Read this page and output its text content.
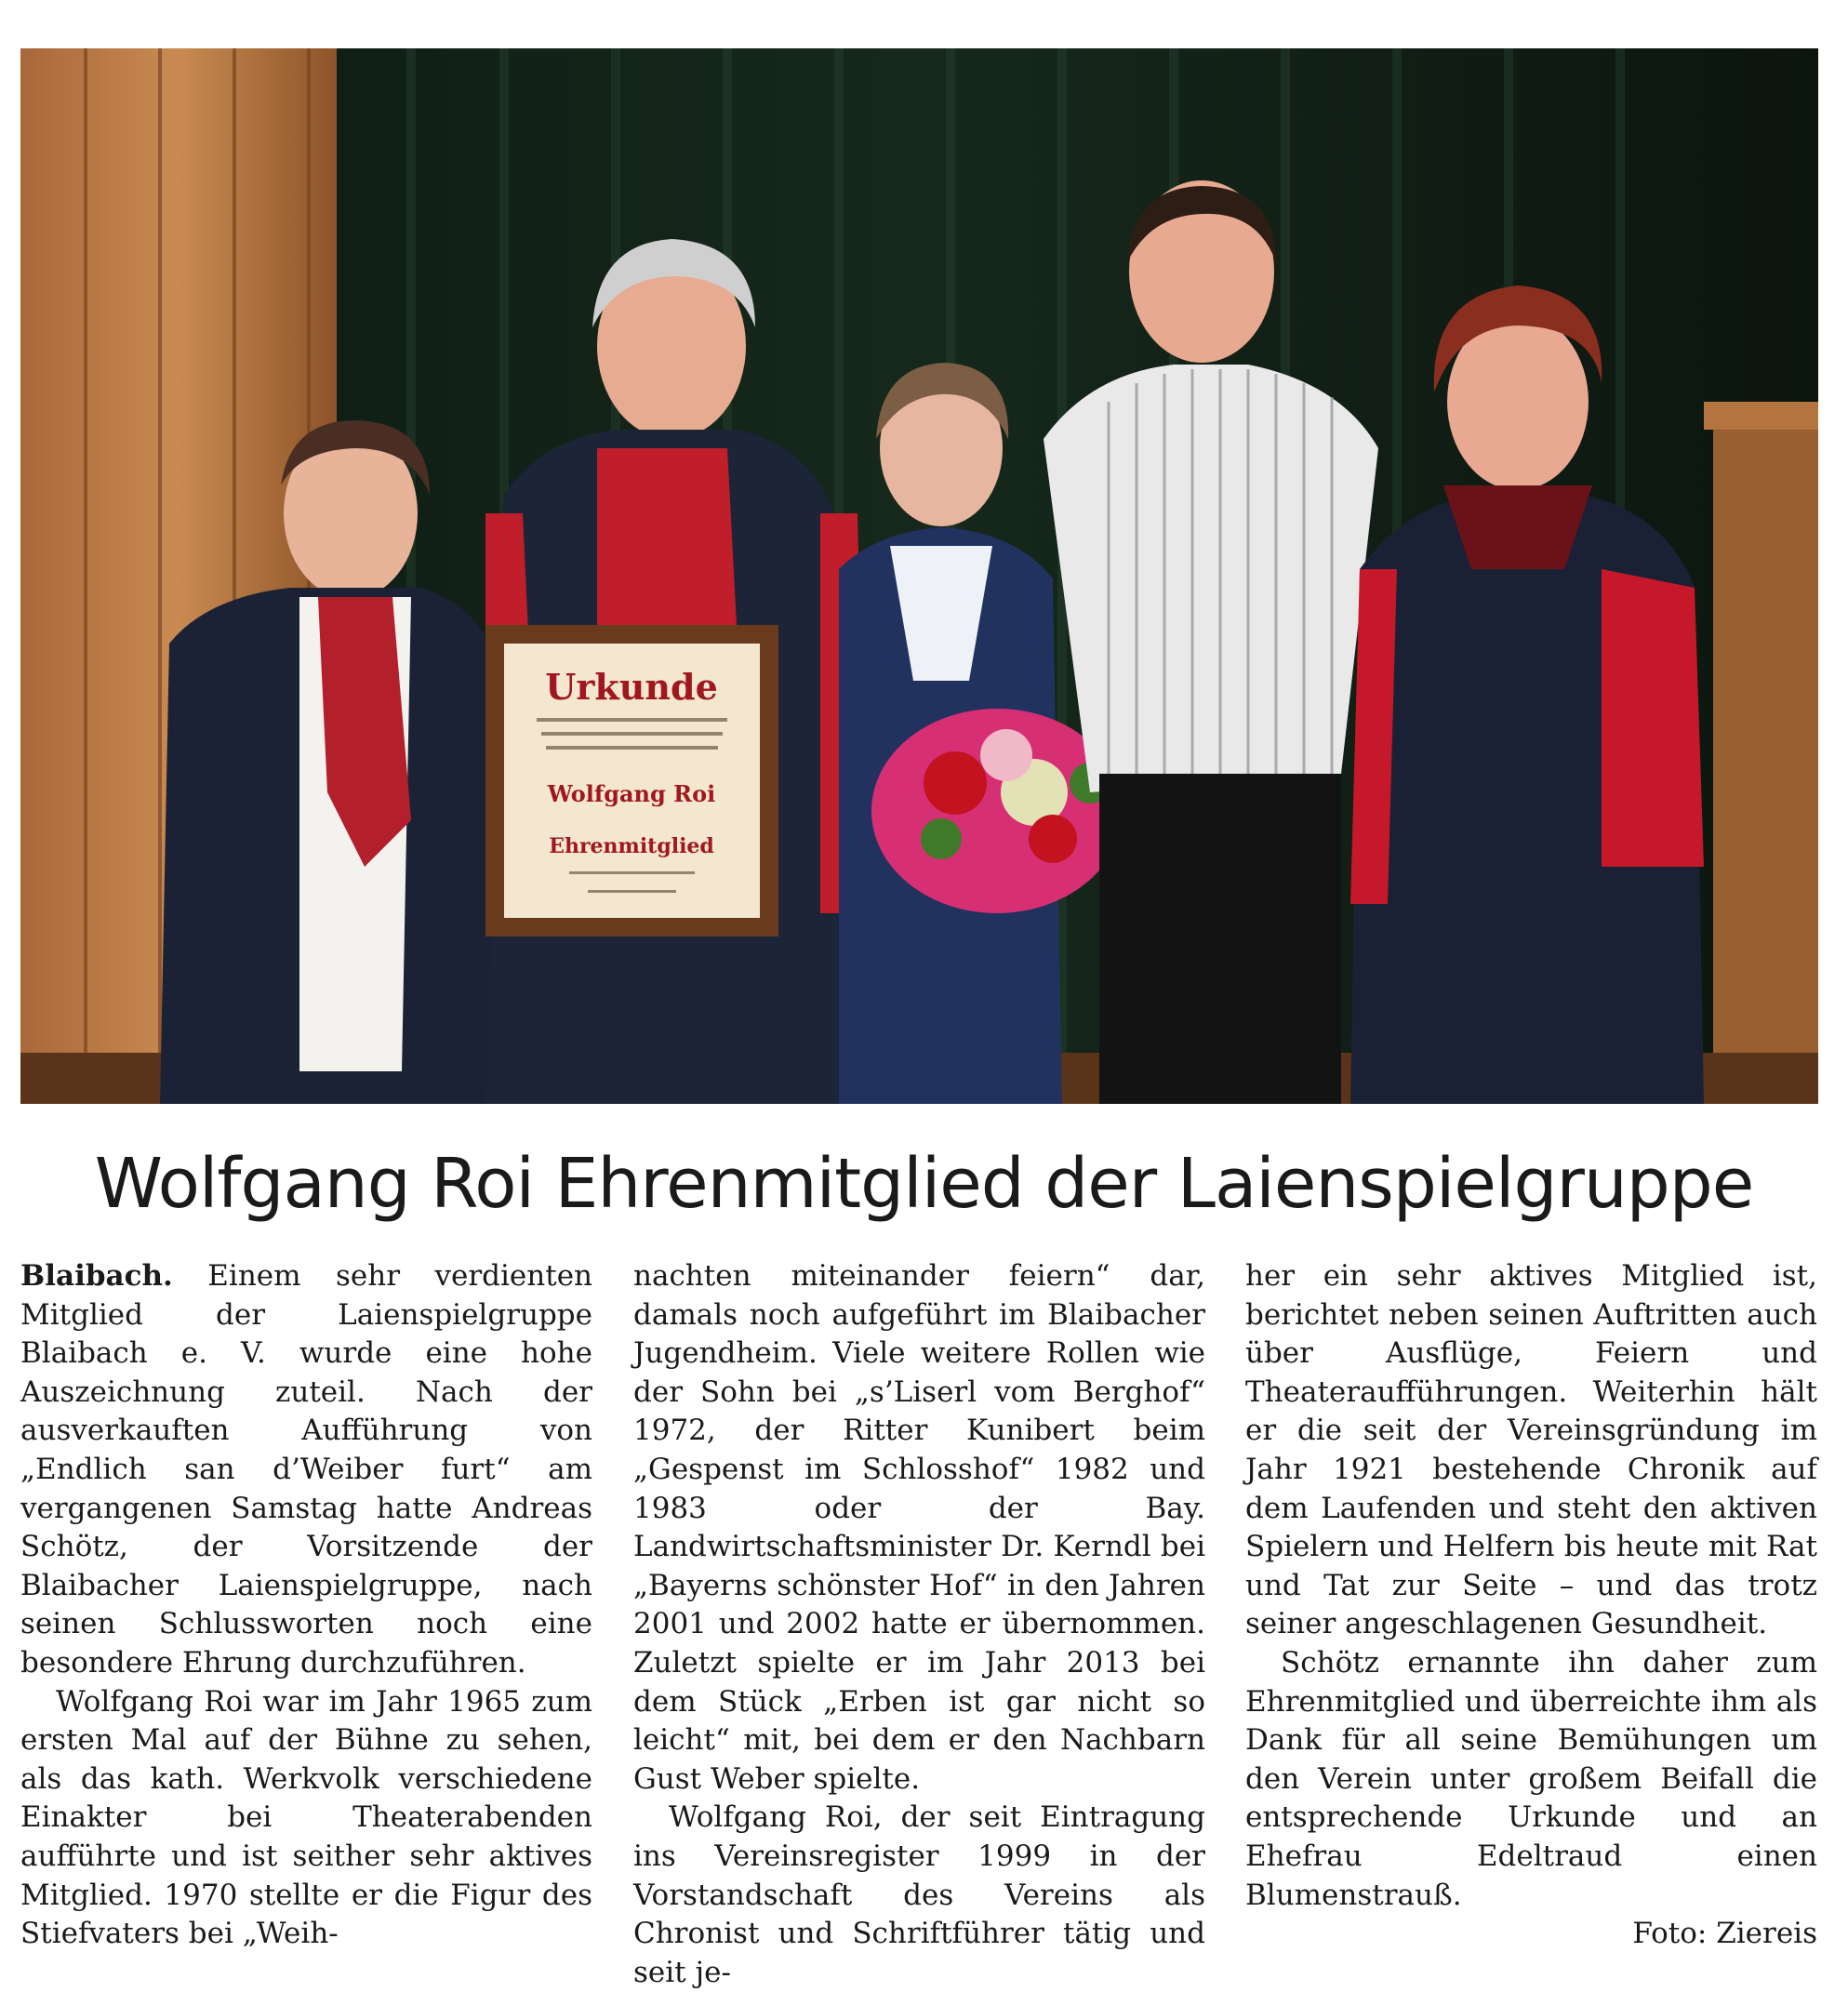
Urkunde
Wolfgang Roi
Ehrenmitglied
Wolfgang Roi Ehrenmitglied der Laienspielgruppe

Blaibach. Einem sehr verdienten Mitglied der Laienspielgruppe Blaibach e. V. wurde eine hohe Auszeichnung zuteil. Nach der ausverkauften Aufführung von „Endlich san d’Weiber furt“ am vergangenen Samstag hatte Andreas Schötz, der Vorsitzende der Blaibacher Laienspielgruppe, nach seinen Schlussworten noch eine besondere Ehrung durchzuführen.

Wolfgang Roi war im Jahr 1965 zum ersten Mal auf der Bühne zu sehen, als das kath. Werkvolk verschiedene Einakter bei Theaterabenden aufführte und ist seither sehr aktives Mitglied. 1970 stellte er die Figur des Stiefvaters bei „Weih-

nachten miteinander feiern“ dar, damals noch aufgeführt im Blaibacher Jugendheim. Viele weitere Rollen wie der Sohn bei „s’Liserl vom Berghof“ 1972, der Ritter Kunibert beim „Gespenst im Schlosshof“ 1982 und 1983 oder der Bay. Landwirtschaftsminister Dr. Kerndl bei „Bayerns schönster Hof“ in den Jahren 2001 und 2002 hatte er übernommen. Zuletzt spielte er im Jahr 2013 bei dem Stück „Erben ist gar nicht so leicht“ mit, bei dem er den Nachbarn Gust Weber spielte.

Wolfgang Roi, der seit Eintragung ins Vereinsregister 1999 in der Vorstandschaft des Vereins als Chronist und Schriftführer tätig und seit je-

her ein sehr aktives Mitglied ist, berichtet neben seinen Auftritten auch über Ausflüge, Feiern und Theateraufführungen. Weiterhin hält er die seit der Vereinsgründung im Jahr 1921 bestehende Chronik auf dem Laufenden und steht den aktiven Spielern und Helfern bis heute mit Rat und Tat zur Seite – und das trotz seiner angeschlagenen Gesundheit.

Schötz ernannte ihn daher zum Ehrenmitglied und überreichte ihm als Dank für all seine Bemühungen um den Verein unter großem Beifall die entsprechende Urkunde und an Ehefrau Edeltraud einen Blumenstrauß.

Foto: Ziereis
